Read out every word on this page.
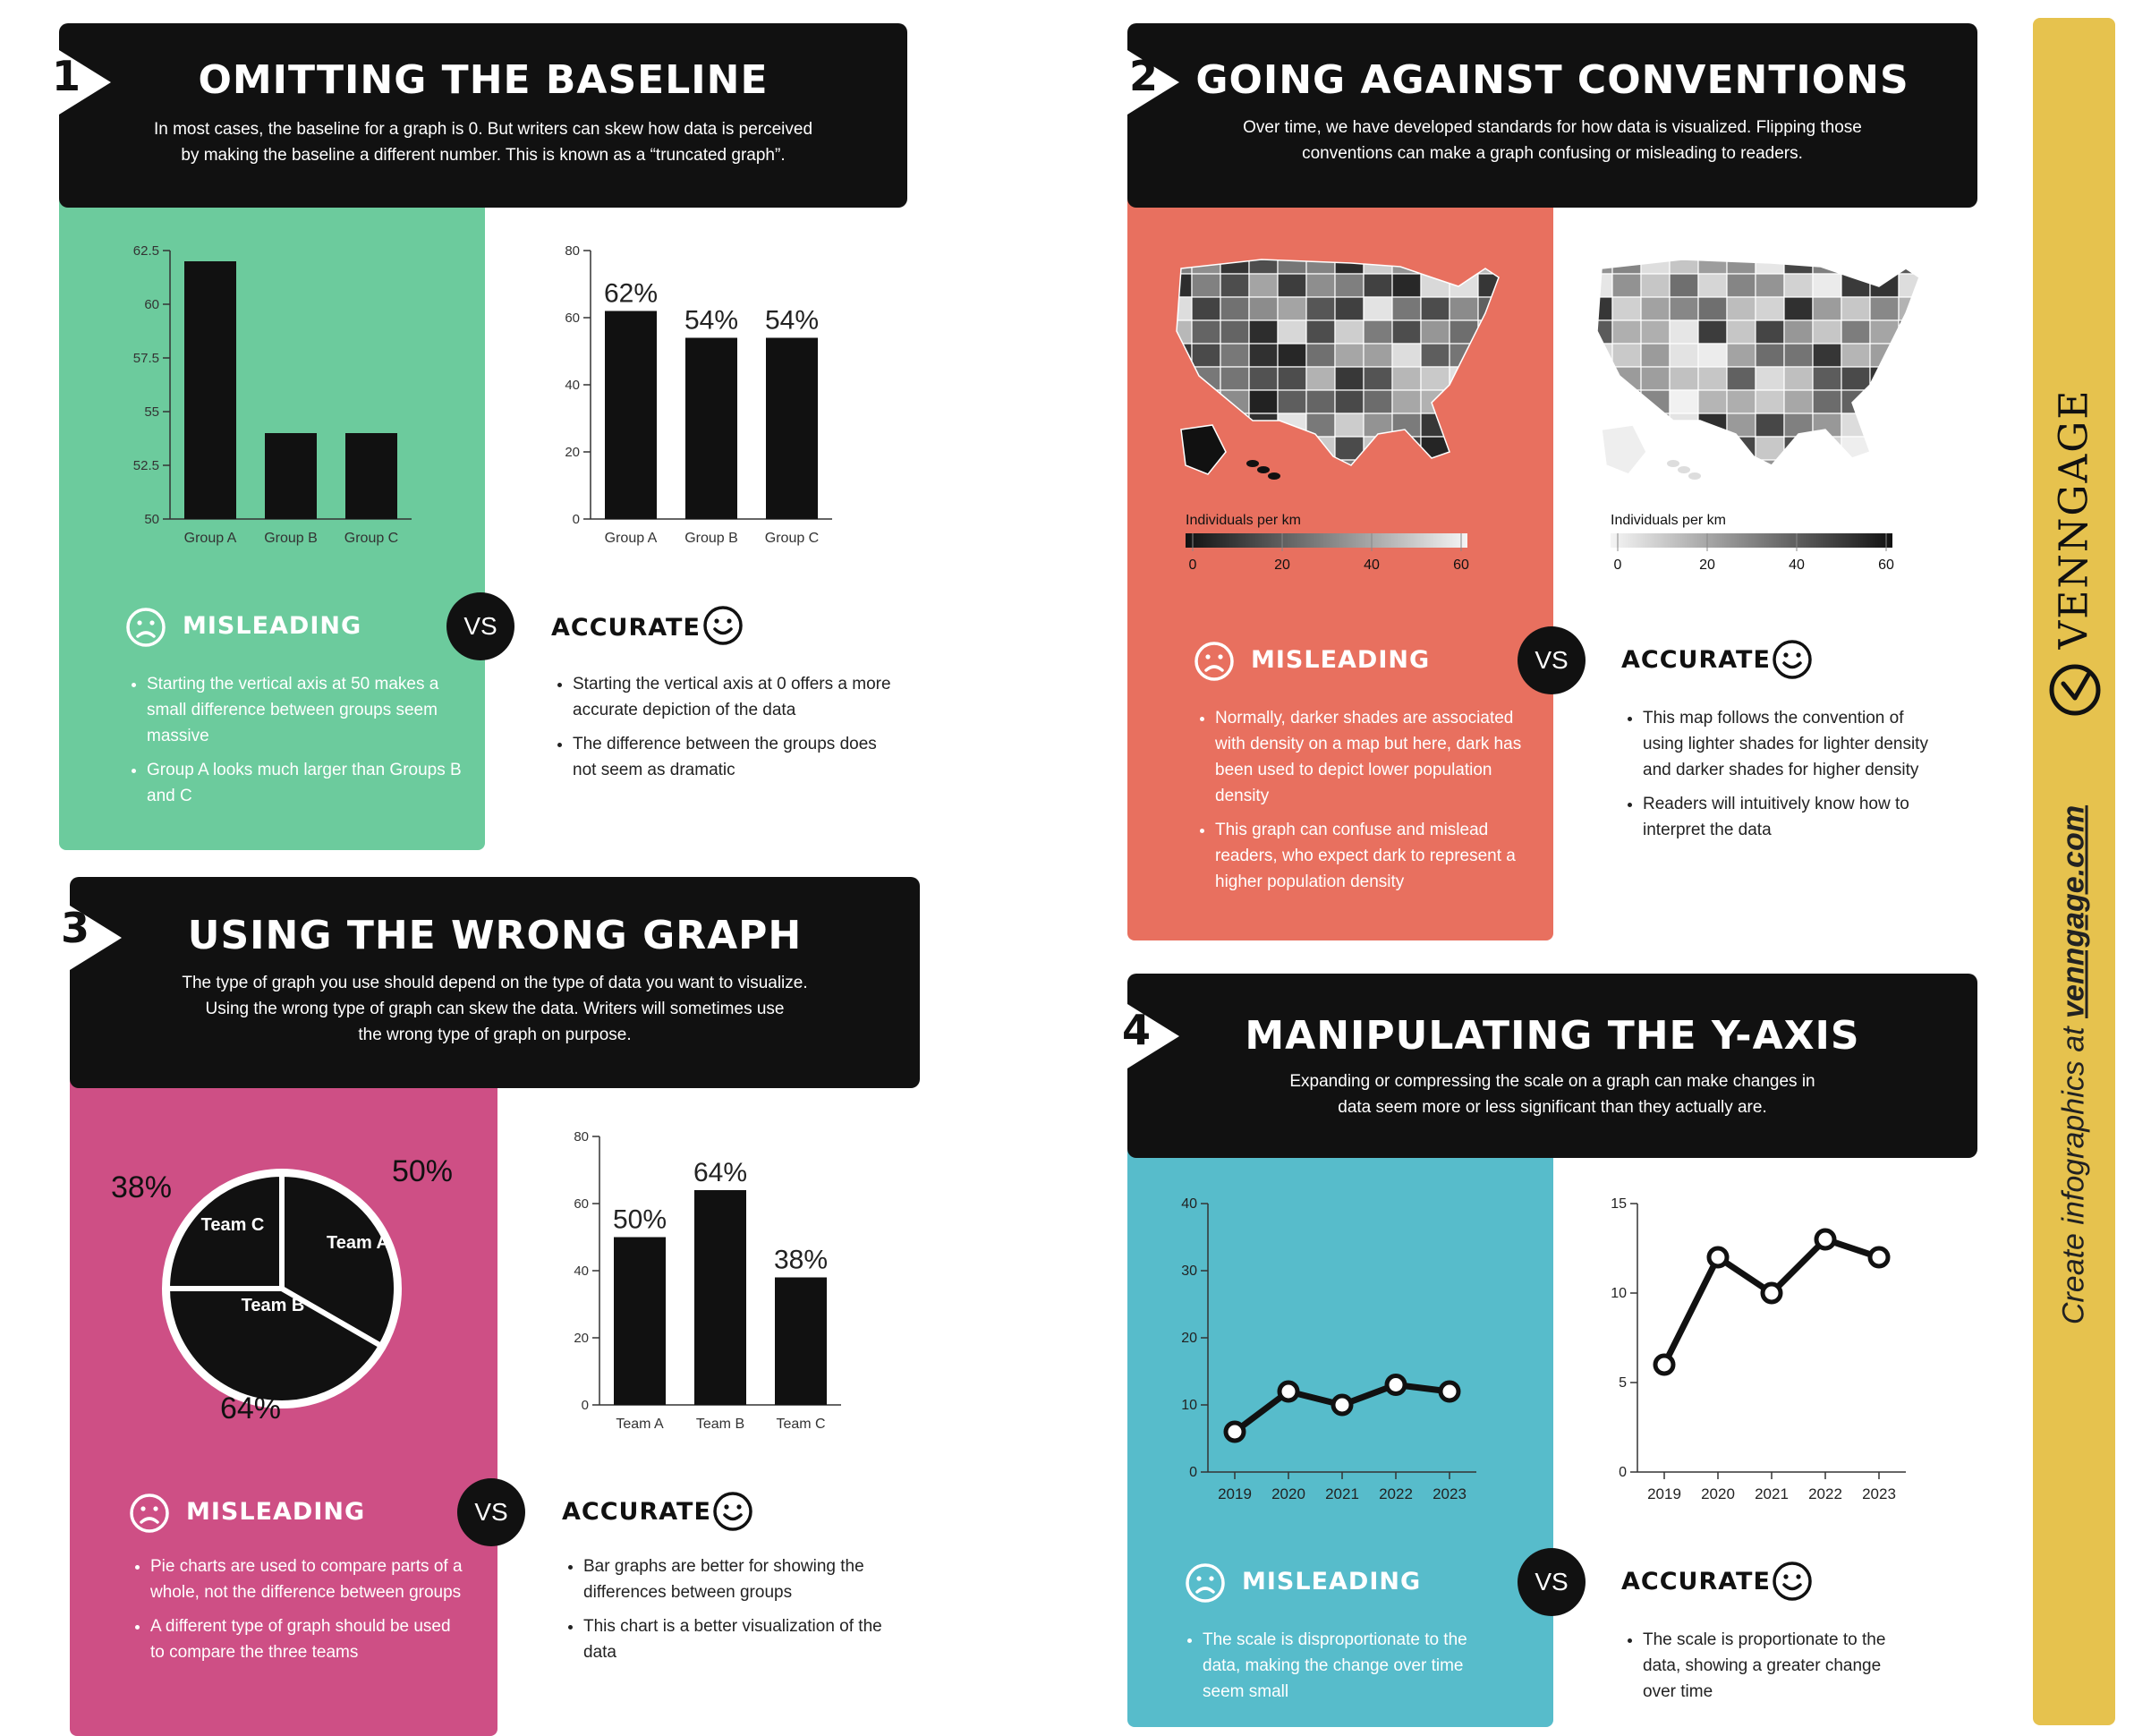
OMITTING THE BASELINE
In most cases, the baseline for a graph is 0. But writers can skew how data is perceived
by making the baseline a different number. This is known as a “truncated graph”.
1
50
52.5
55
57.5
60
62.5
Group A Group B Group C
0
20
40
60
80
Group A
62%
Group B
54%
Group C
54%
MISLEADING	VS	ACCURATE
• Starting the vertical axis at 50 makes a small difference between groups seem massive
• Group A looks much larger than Groups B and C
• Starting the vertical axis at 0 offers a more accurate depiction of the data
• The difference between the groups does not seem as dramatic
GOING AGAINST CONVENTIONS
Over time, we have developed standards for how data is visualized. Flipping those
conventions can make a graph confusing or misleading to readers.
2
Individuals per km
0	20	40	60
Individuals per km
0	20	40	60
MISLEADING	VS	ACCURATE
• Normally, darker shades are associated with density on a map but here, dark has been used to depict lower population density
• This graph can confuse and mislead readers, who expect dark to represent a higher population density
• This map follows the convention of using lighter shades for lighter density and darker shades for higher density
• Readers will intuitively know how to interpret the data
USING THE WRONG GRAPH
The type of graph you use should depend on the type of data you want to visualize.
Using the wrong type of graph can skew the data. Writers will sometimes use
the wrong type of graph on purpose.
3
Team A
Team B
Team C
50%
64%
38%
0
20
40
60
80
Team A
50%
Team B
64%
Team C
38%
MISLEADING	VS	ACCURATE
• Pie charts are used to compare parts of a whole, not the difference between groups
• A different type of graph should be used to compare the three teams
• Bar graphs are better for showing the differences between groups
• This chart is a better visualization of the data
MANIPULATING THE Y-AXIS
Expanding or compressing the scale on a graph can make changes in
data seem more or less significant than they actually are.
4
0
10
20
30
40
2019 2020 2021 2022 2023
0
5
10
15
2019 2020 2021 2022 2023
MISLEADING	VS	ACCURATE
• The scale is disproportionate to the data, making the change over time seem small
• The scale is proportionate to the data, showing a greater change over time
VENNGAGE
Create infographics at venngage.com
